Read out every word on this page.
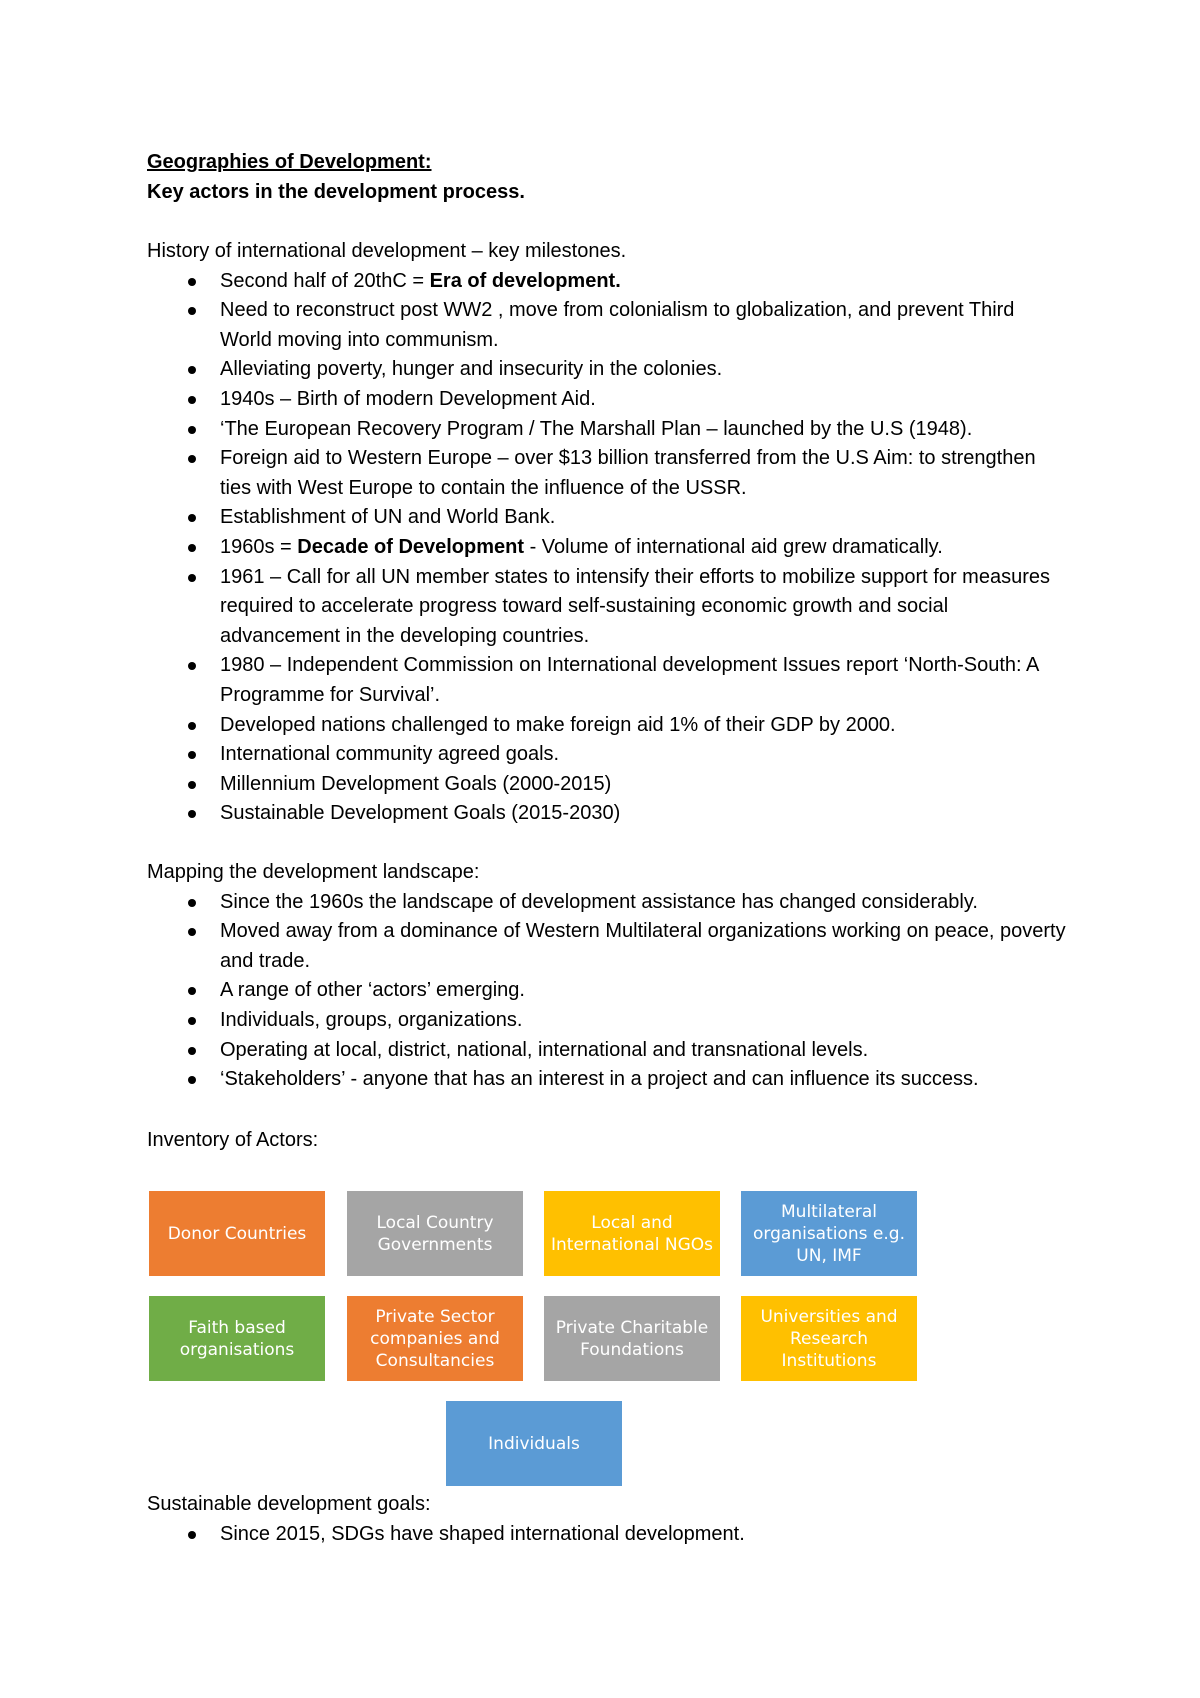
Geographies of Development:
Key actors in the development process.
History of international development – key milestones.
Second half of 20thC = Era of development.
Need to reconstruct post WW2 , move from colonialism to globalization, and prevent Third World moving into communism.
Alleviating poverty, hunger and insecurity in the colonies.
1940s – Birth of modern Development Aid.
‘The European Recovery Program / The Marshall Plan – launched by the U.S (1948).
Foreign aid to Western Europe – over $13 billion transferred from the U.S Aim: to strengthen ties with West Europe to contain the influence of the USSR.
Establishment of UN and World Bank.
1960s = Decade of Development - Volume of international aid grew dramatically.
1961 – Call for all UN member states to intensify their efforts to mobilize support for measures required to accelerate progress toward self-sustaining economic growth and social advancement in the developing countries.
1980 – Independent Commission on International development Issues report ‘North-South: A Programme for Survival’.
Developed nations challenged to make foreign aid 1% of their GDP by 2000.
International community agreed goals.
Millennium Development Goals (2000-2015)
Sustainable Development Goals (2015-2030)
Mapping the development landscape:
Since the 1960s the landscape of development assistance has changed considerably.
Moved away from a dominance of Western Multilateral organizations working on peace, poverty and trade.
A range of other ‘actors’ emerging.
Individuals, groups, organizations.
Operating at local, district, national, international and transnational levels.
‘Stakeholders’ - anyone that has an interest in a project and can influence its success.
Inventory of Actors:
Donor Countries
Local Country Governments
Local and International NGOs
Multilateral organisations e.g. UN, IMF
Faith based organisations
Private Sector companies and Consultancies
Private Charitable Foundations
Universities and Research Institutions
Individuals
Sustainable development goals:
Since 2015, SDGs have shaped international development.
